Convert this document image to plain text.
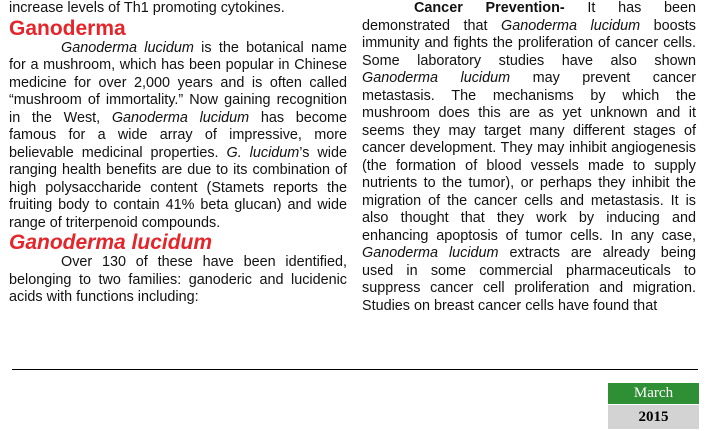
increase levels of Th1 promoting cytokines.

Ganoderma

Ganoderma lucidum is the botanical name for a mushroom, which has been popular in Chinese medicine for over 2,000 years and is often called “mushroom of immortality.” Now gaining recognition in the West, Ganoderma lucidum has become famous for a wide array of impressive, more believable medicinal properties. G. lucidum’s wide ranging health benefits are due to its combination of high polysaccharide content (Stamets reports the fruiting body to contain 41% beta glucan) and wide range of triterpenoid compounds.

Ganoderma lucidum

Over 130 of these have been identified, belonging to two families: ganoderic and lucidenic acids with functions including:

Cancer Prevention- It has been demonstrated that Ganoderma lucidum boosts immunity and fights the proliferation of cancer cells. Some laboratory studies have also shown Ganoderma lucidum may prevent cancer metastasis. The mechanisms by which the mushroom does this are as yet unknown and it seems they may target many different stages of cancer development. They may inhibit angiogenesis (the formation of blood vessels made to supply nutrients to the tumor), or perhaps they inhibit the migration of the cancer cells and metastasis. It is also thought that they work by inducing and enhancing apoptosis of tumor cells. In any case, Ganoderma lucidum extracts are already being used in some commercial pharmaceuticals to suppress cancer cell proliferation and migration. Studies on breast cancer cells have found that

March
2015
